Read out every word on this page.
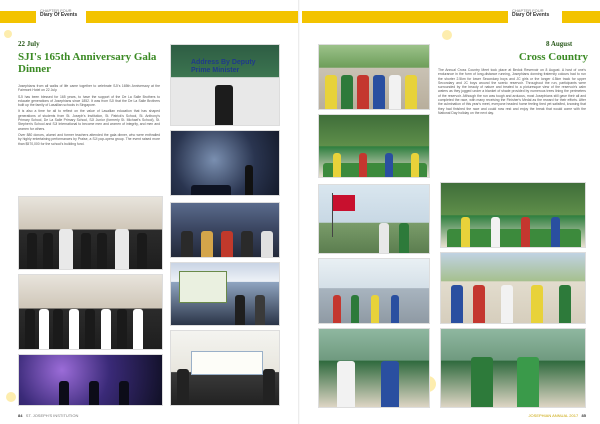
CHAPTER FOUR
Diary Of Events
22 July
SJI's 165th Anniversary Gala Dinner

Josephians from all walks of life came together to celebrate SJI's 165th Anniversary at the Fairmont Hotel on 22 July.

SJI has been blessed for 165 years, to have the support of the De La Salle Brothers to educate generations of Josephians since 1852. It was from SJI that the De La Salle Brothers built up the family of Lasallian schools in Singapore.

It is also a time for all to reflect on the value of Lasallian education that has shaped generations of students from St. Joseph's Institution, St. Patrick's School, St. Anthony's Primary School, De La Salle Primary School, SJI Junior (formerly St. Michael's School), St. Stephen's School and SJI International to become men and women of integrity, and men and women for others.

Over 880 donors, alumni and former teachers attended the gala dinner, who were enthralled by highly entertaining performances by Praise, a SJI pop-opera group. The event raised more than $570,000 for the school's building fund.

Address By Deputy Prime Minister
84 ST. JOSEPH'S INSTITUTION
CHAPTER FOUR
Diary Of Events
8 August
Cross Country

The Annual Cross Country Meet took place at Bedok Reservoir on 8 August. A host of one's endurance in the form of long-distance running, Josephians donning fraternity colours had to run the shorter 2.5km for lower Secondary boys and JC girls or the longer 4.5km track for upper Secondary and JC boys around the scenic reservoir. Throughout the run, participants were surrounded by the beauty of nature and treated to a picturesque view of the reservoir's calm waters as they jogged under a blanket of shade provided by numerous trees lining the perimeters of the reservoir. Although the run was tough and arduous, most Josephians still gave their all and completed the race, with many receiving the Finisher's Medal as the reward for their efforts. After the culmination of this year's meet, everyone headed home feeling tired yet satisfied, knowing that they had finished the race and could now rest and enjoy the break that would come with the National Day holiday on the next day.

JOSEPHIAN ANNUAL 2017 85
